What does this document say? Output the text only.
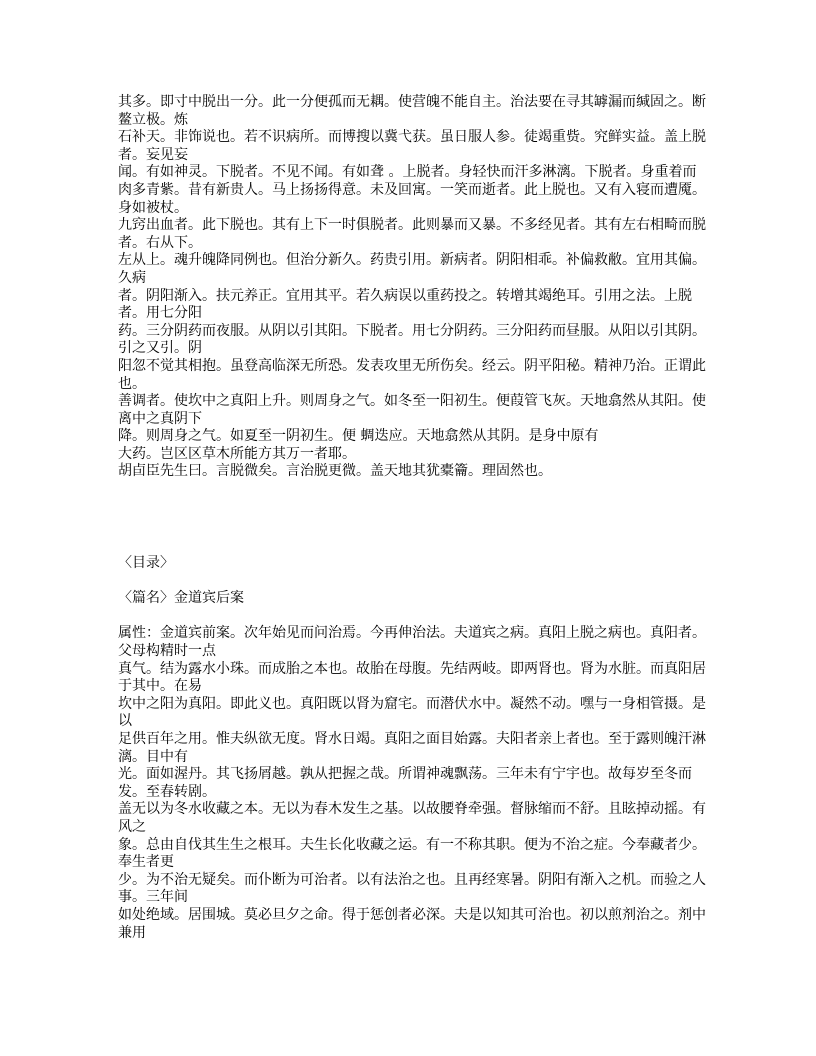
其多。即寸中脱出一分。此一分便孤而无耦。使营魄不能自主。治法要在寻其罅漏而缄固之。断鳌立极。炼

石补天。非饰说也。若不识病所。而博搜以冀弋获。虽日服人参。徒竭重赀。究鲜实益。盖上脱者。妄见妄

闻。有如神灵。下脱者。不见不闻。有如聋 。上脱者。身轻快而汗多淋漓。下脱者。身重着而肉多青紫。昔有新贵人。马上扬扬得意。未及回寓。一笑而逝者。此上脱也。又有入寝而遭魇。身如被杖。

九窍出血者。此下脱也。其有上下一时俱脱者。此则暴而又暴。不多经见者。其有左右相畸而脱者。右从下。

左从上。魂升魄降同例也。但治分新久。药贵引用。新病者。阴阳相乖。补偏救敝。宜用其偏。久病

者。阴阳渐入。扶元养正。宜用其平。若久病误以重药投之。转增其竭绝耳。引用之法。上脱者。用七分阳

药。三分阴药而夜服。从阴以引其阳。下脱者。用七分阴药。三分阳药而昼服。从阳以引其阴。引之又引。阴

阳忽不觉其相抱。虽登高临深无所恐。发表攻里无所伤矣。经云。阴平阳秘。精神乃治。正谓此也。

善调者。使坎中之真阳上升。则周身之气。如冬至一阳初生。便葭管飞灰。天地翕然从其阳。使离中之真阴下

降。则周身之气。如夏至一阴初生。便 蜩迭应。天地翕然从其阴。是身中原有

大药。岂区区草木所能方其万一者耶。

胡卣臣先生曰。言脱微矣。言治脱更微。盖天地其犹橐籥。理固然也。

〈目录〉

〈篇名〉金道宾后案

属性：金道宾前案。次年始见而问治焉。今再伸治法。夫道宾之病。真阳上脱之病也。真阳者。父母构精时一点

真气。结为露水小珠。而成胎之本也。故胎在母腹。先结两岐。即两肾也。肾为水脏。而真阳居于其中。在易

坎中之阳为真阳。即此义也。真阳既以肾为窟宅。而潜伏水中。凝然不动。嘿与一身相管摄。是以

足供百年之用。惟夫纵欲无度。肾水日竭。真阳之面目始露。夫阳者亲上者也。至于露则魄汗淋漓。目中有

光。面如渥丹。其飞扬屑越。孰从把握之哉。所谓神魂飘荡。三年未有宁宇也。故每岁至冬而发。至春转剧。

盖无以为冬水收藏之本。无以为春木发生之基。以故腰脊牵强。督脉缩而不舒。且眩掉动摇。有风之

象。总由自伐其生生之根耳。夫生长化收藏之运。有一不称其职。便为不治之症。今奉藏者少。奉生者更

少。为不治无疑矣。而仆断为可治者。以有法治之也。且再经寒暑。阴阳有渐入之机。而验之人事。三年间

如处绝域。居围城。莫必旦夕之命。得于惩创者必深。夫是以知其可治也。初以煎剂治之。剂中兼用
